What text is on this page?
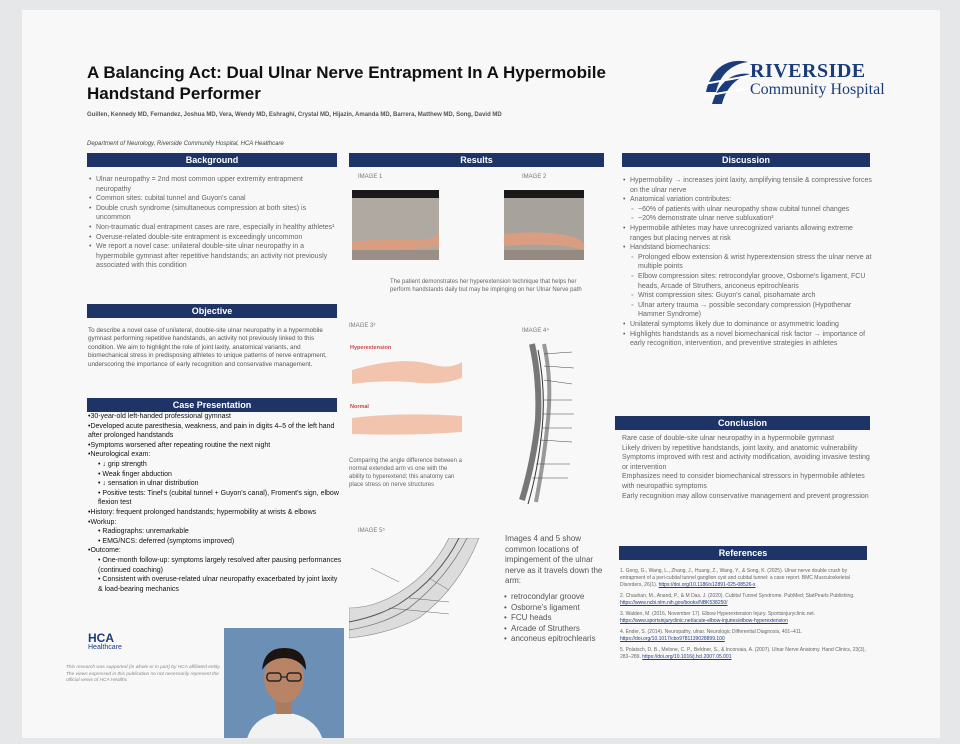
A Balancing Act: Dual Ulnar Nerve Entrapment In A Hypermobile Handstand Performer
Guillen, Kennedy MD, Fernandez, Joshua MD, Vera, Wendy MD, Eshraghi, Crystal MD, Hijazin, Amanda MD, Barrera, Matthew MD, Song, David MD
Department of Neurology, Riverside Community Hospital, HCA Healthcare
RIVERSIDE
Community Hospital
Background
• Ulnar neuropathy = 2nd most common upper extremity entrapment neuropathy
• Common sites: cubital tunnel and Guyon's canal
• Double crush syndrome (simultaneous compression at both sites) is uncommon
• Non-traumatic dual entrapment cases are rare, especially in healthy athletes¹
• Overuse-related double-site entrapment is exceedingly uncommon
• We report a novel case: unilateral double-site ulnar neuropathy in a hypermobile gymnast after repetitive handstands; an activity not previously associated with this condition
Objective
To describe a novel case of unilateral, double-site ulnar neuropathy in a hypermobile gymnast performing repetitive handstands, an activity not previously linked to this condition. We aim to highlight the role of joint laxity, anatomical variants, and biomechanical stress in predisposing athletes to unique patterns of nerve entrapment, underscoring the importance of early recognition and conservative management.
Case Presentation
•30-year-old left-handed professional gymnast
•Developed acute paresthesia, weakness, and pain in digits 4–5 of the left hand after prolonged handstands
•Symptoms worsened after repeating routine the next night
•Neurological exam:
• ↓ grip strength
• Weak finger abduction
• ↓ sensation in ulnar distribution
• Positive tests: Tinel's (cubital tunnel + Guyon's canal), Froment's sign, elbow flexion test
•History: frequent prolonged handstands; hypermobility at wrists & elbows
•Workup:
• Radiographs: unremarkable
• EMG/NCS: deferred (symptoms improved)
•Outcome:
• One-month follow-up: symptoms largely resolved after pausing performances (continued coaching)
• Consistent with overuse-related ulnar neuropathy exacerbated by joint laxity & load-bearing mechanics
HCA
Healthcare
This research was supported (in whole or in part) by HCA affiliated entity. The views expressed in this publication no not necessarily represent the official views of HCA Healthc
Results
IMAGE 1	IMAGE 2
The patient demonstrates her hyperextension technique that helps her perform handstands daily but may be impinging on her Ulnar Nerve path
IMAGE 3³
Hyperextension
Normal
Comparing the angle difference between a normal extended arm vs one with the ability to hyperextend; this anatomy can place stress on nerve structures
IMAGE 4⁴
IMAGE 5⁵
Images 4 and 5 show common locations of impingement of the ulnar nerve as it travels down the arm:
• retrocondylar groove
• Osborne's ligament
• FCU heads
• Arcade of Struthers
• anconeus epitrochlearis
Discussion
• Hypermobility → increases joint laxity, amplifying tensile & compressive forces on the ulnar nerve
• Anatomical variation contributes:
◦ ~60% of patients with ulnar neuropathy show cubital tunnel changes
◦ ~20% demonstrate ulnar nerve subluxation²
• Hypermobile athletes may have unrecognized variants allowing extreme ranges but placing nerves at risk
• Handstand biomechanics:
◦ Prolonged elbow extension & wrist hyperextension stress the ulnar nerve at multiple points
◦ Elbow compression sites: retrocondylar groove, Osborne's ligament, FCU heads, Arcade of Struthers, anconeus epitrochlearis
◦ Wrist compression sites: Guyon's canal, pisohamate arch
◦ Ulnar artery trauma → possible secondary compression (Hypothenar Hammer Syndrome)
• Unilateral symptoms likely due to dominance or asymmetric loading
• Highlights handstands as a novel biomechanical risk factor → importance of early recognition, intervention, and preventive strategies in athletes
Conclusion
Rare case of double-site ulnar neuropathy in a hypermobile gymnast
Likely driven by repetitive handstands, joint laxity, and anatomic vulnerability
Symptoms improved with rest and activity modification, avoiding invasive testing or intervention
Emphasizes need to consider biomechanical stressors in hypermobile athletes with neuropathic symptoms
Early recognition may allow conservative management and prevent progression
References
1. Gong, G., Wang, L., Zhang, J., Huang, Z., Wang, Y., & Song, K. (2025). Ulnar nerve double crush by entrapment of a peri-cubital tunnel ganglion cyst and cubital tunnel: a case report. BMC Musculoskeletal Disorders, 26(1). https://doi.org/10.1186/s12891-025-08526-x
2. Chauhan, M., Anand, P., & M Das, J. (2020). Cubital Tunnel Syndrome. PubMed; StatPearls Publishing. https://www.ncbi.nlm.nih.gov/books/NBK538250/
3. Walden, M. (2016, November 17). Elbow Hyperextension Injury. Sportsinjuryclinic.net. https://www.sportsinjuryclinic.net/acute-elbow-injuries/elbow-hyperextension
4. Ender, S. (2014). Neuropathy, ulnar. Neurologic Differential Diagnosis, 401–411. https://doi.org/10.1017/cbo9781139028899.100
5. Polatsch, D. B., Melone, C. P., Beldner, S., & Incorvaia, A. (2007). Ulnar Nerve Anatomy. Hand Clinics, 23(3), 283–289. https://doi.org/10.1016/j.hcl.2007.05.001
